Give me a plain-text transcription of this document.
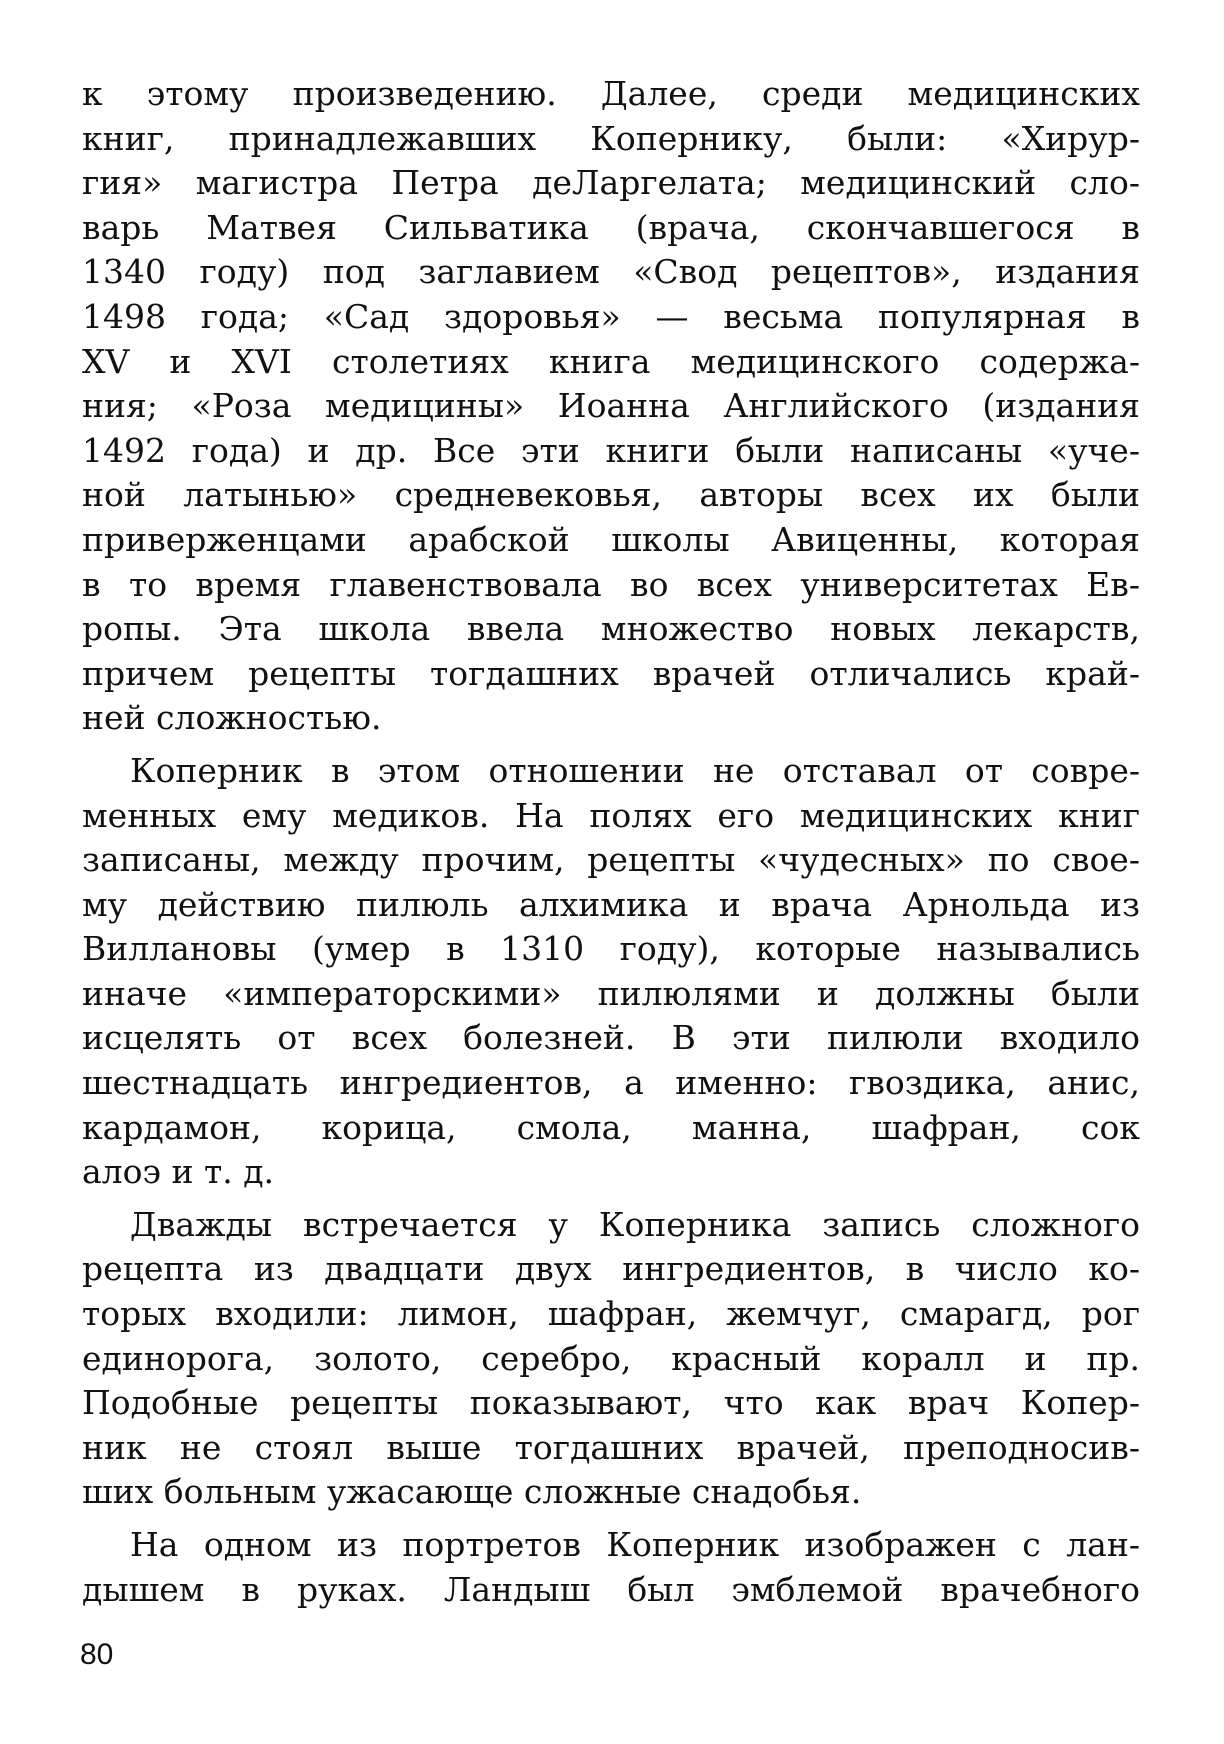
к этому произведению. Далее, среди медицинских
книг, принадлежавших Копернику, были: «Хирур-
гия» магистра Петра деЛаргелата; медицинский сло-
варь Матвея Сильватика (врача, скончавшегося в
1340 году) под заглавием «Свод рецептов», издания
1498 года; «Сад здоровья» — весьма популярная в
XV и XVI столетиях книга медицинского содержа-
ния; «Роза медицины» Иоанна Английского (издания
1492 года) и др. Все эти книги были написаны «уче-
ной латынью» средневековья, авторы всех их были
приверженцами арабской школы Авиценны, которая
в то время главенствовала во всех университетах Ев-
ропы. Эта школа ввела множество новых лекарств,
причем рецепты тогдашних врачей отличались край-
ней сложностью.
Коперник в этом отношении не отставал от совре-
менных ему медиков. На полях его медицинских книг
записаны, между прочим, рецепты «чудесных» по свое-
му действию пилюль алхимика и врача Арнольда из
Виллановы (умер в 1310 году), которые назывались
иначе «императорскими» пилюлями и должны были
исцелять от всех болезней. В эти пилюли входило
шестнадцать ингредиентов, а именно: гвоздика, анис,
кардамон, корица, смола, манна, шафран, сок
алоэ и т. д.
Дважды встречается у Коперника запись сложного
рецепта из двадцати двух ингредиентов, в число ко-
торых входили: лимон, шафран, жемчуг, смарагд, рог
единорога, золото, серебро, красный коралл и пр.
Подобные рецепты показывают, что как врач Копер-
ник не стоял выше тогдашних врачей, преподносив-
ших больным ужасающе сложные снадобья.
На одном из портретов Коперник изображен с лан-
дышем в руках. Ландыш был эмблемой врачебного
80
